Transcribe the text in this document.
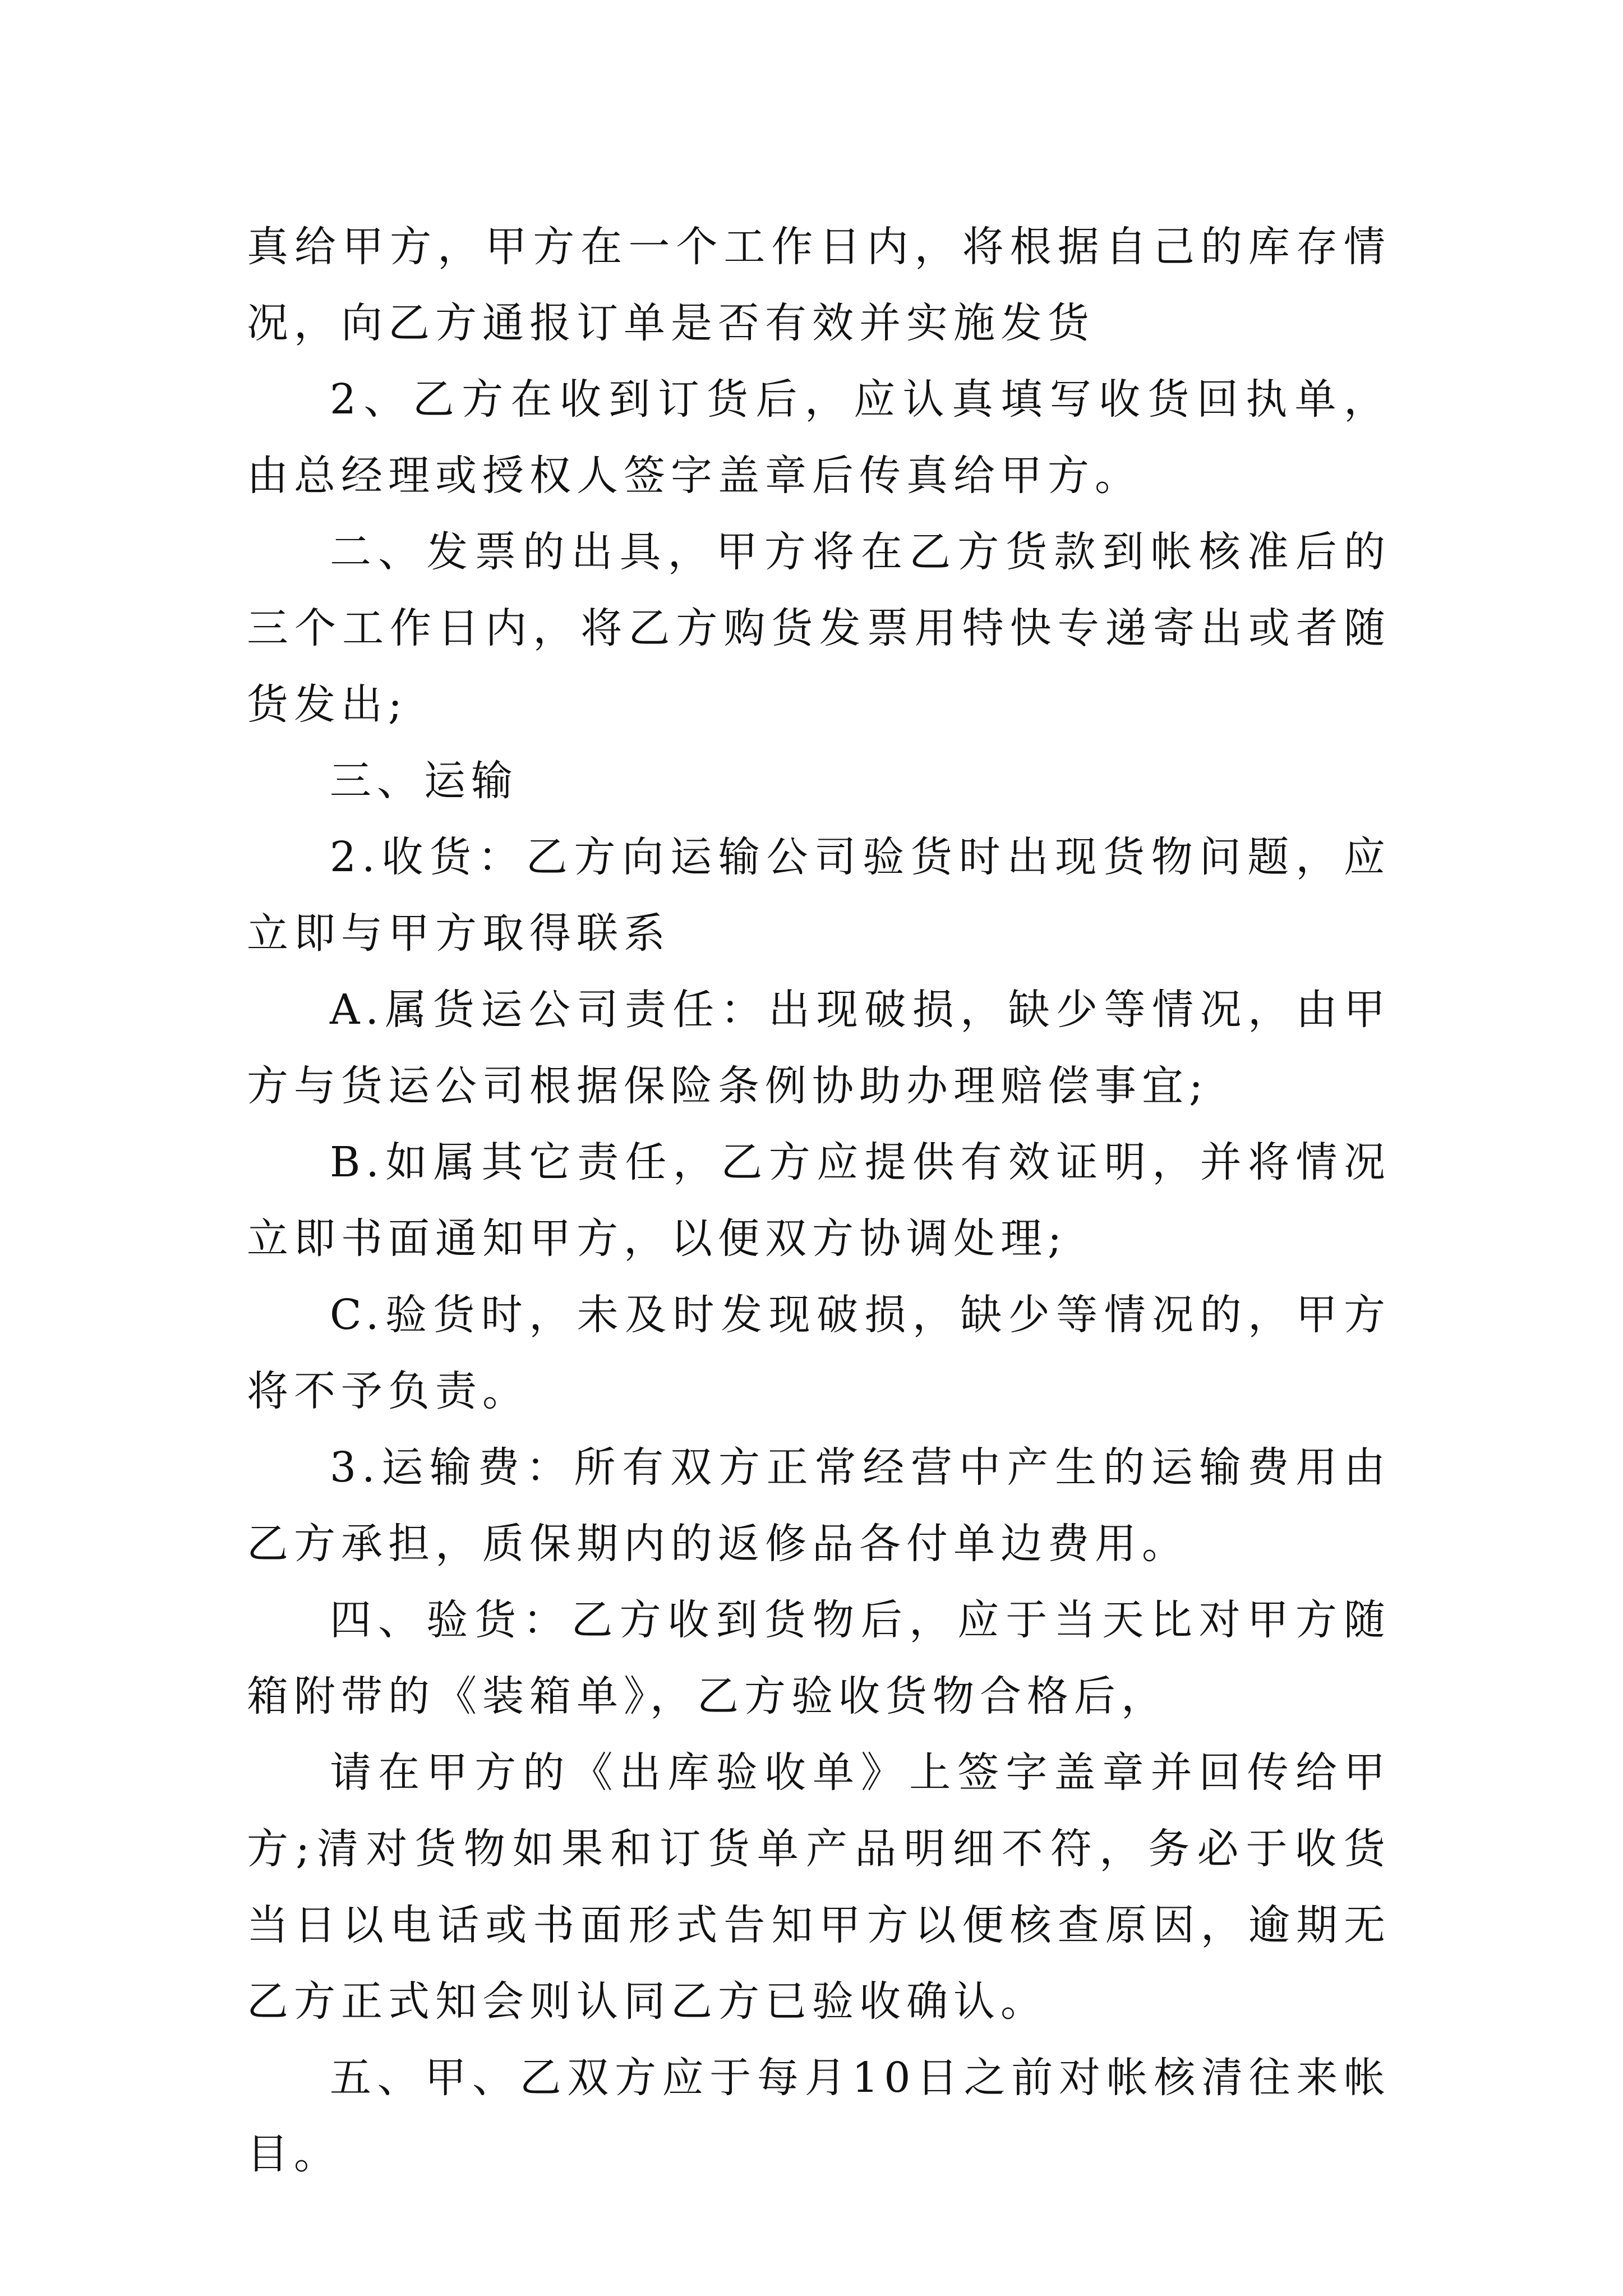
真给甲方，甲方在一个工作日内，将根据自己的库存情况，向乙方通报订单是否有效并实施发货

2、乙方在收到订货后，应认真填写收货回执单，由总经理或授权人签字盖章后传真给甲方。

二、发票的出具，甲方将在乙方货款到帐核准后的三个工作日内，将乙方购货发票用特快专递寄出或者随货发出;

三、运输

2.收货：乙方向运输公司验货时出现货物问题，应立即与甲方取得联系

A.属货运公司责任：出现破损，缺少等情况，由甲方与货运公司根据保险条例协助办理赔偿事宜;

B.如属其它责任，乙方应提供有效证明，并将情况立即书面通知甲方，以便双方协调处理;

C.验货时，未及时发现破损，缺少等情况的，甲方将不予负责。

3.运输费：所有双方正常经营中产生的运输费用由乙方承担，质保期内的返修品各付单边费用。

四、验货：乙方收到货物后，应于当天比对甲方随箱附带的《装箱单》，乙方验收货物合格后，

请在甲方的《出库验收单》上签字盖章并回传给甲方;清对货物如果和订货单产品明细不符，务必于收货当日以电话或书面形式告知甲方以便核查原因，逾期无乙方正式知会则认同乙方已验收确认。

五、甲、乙双方应于每月10日之前对帐核清往来帐目。
